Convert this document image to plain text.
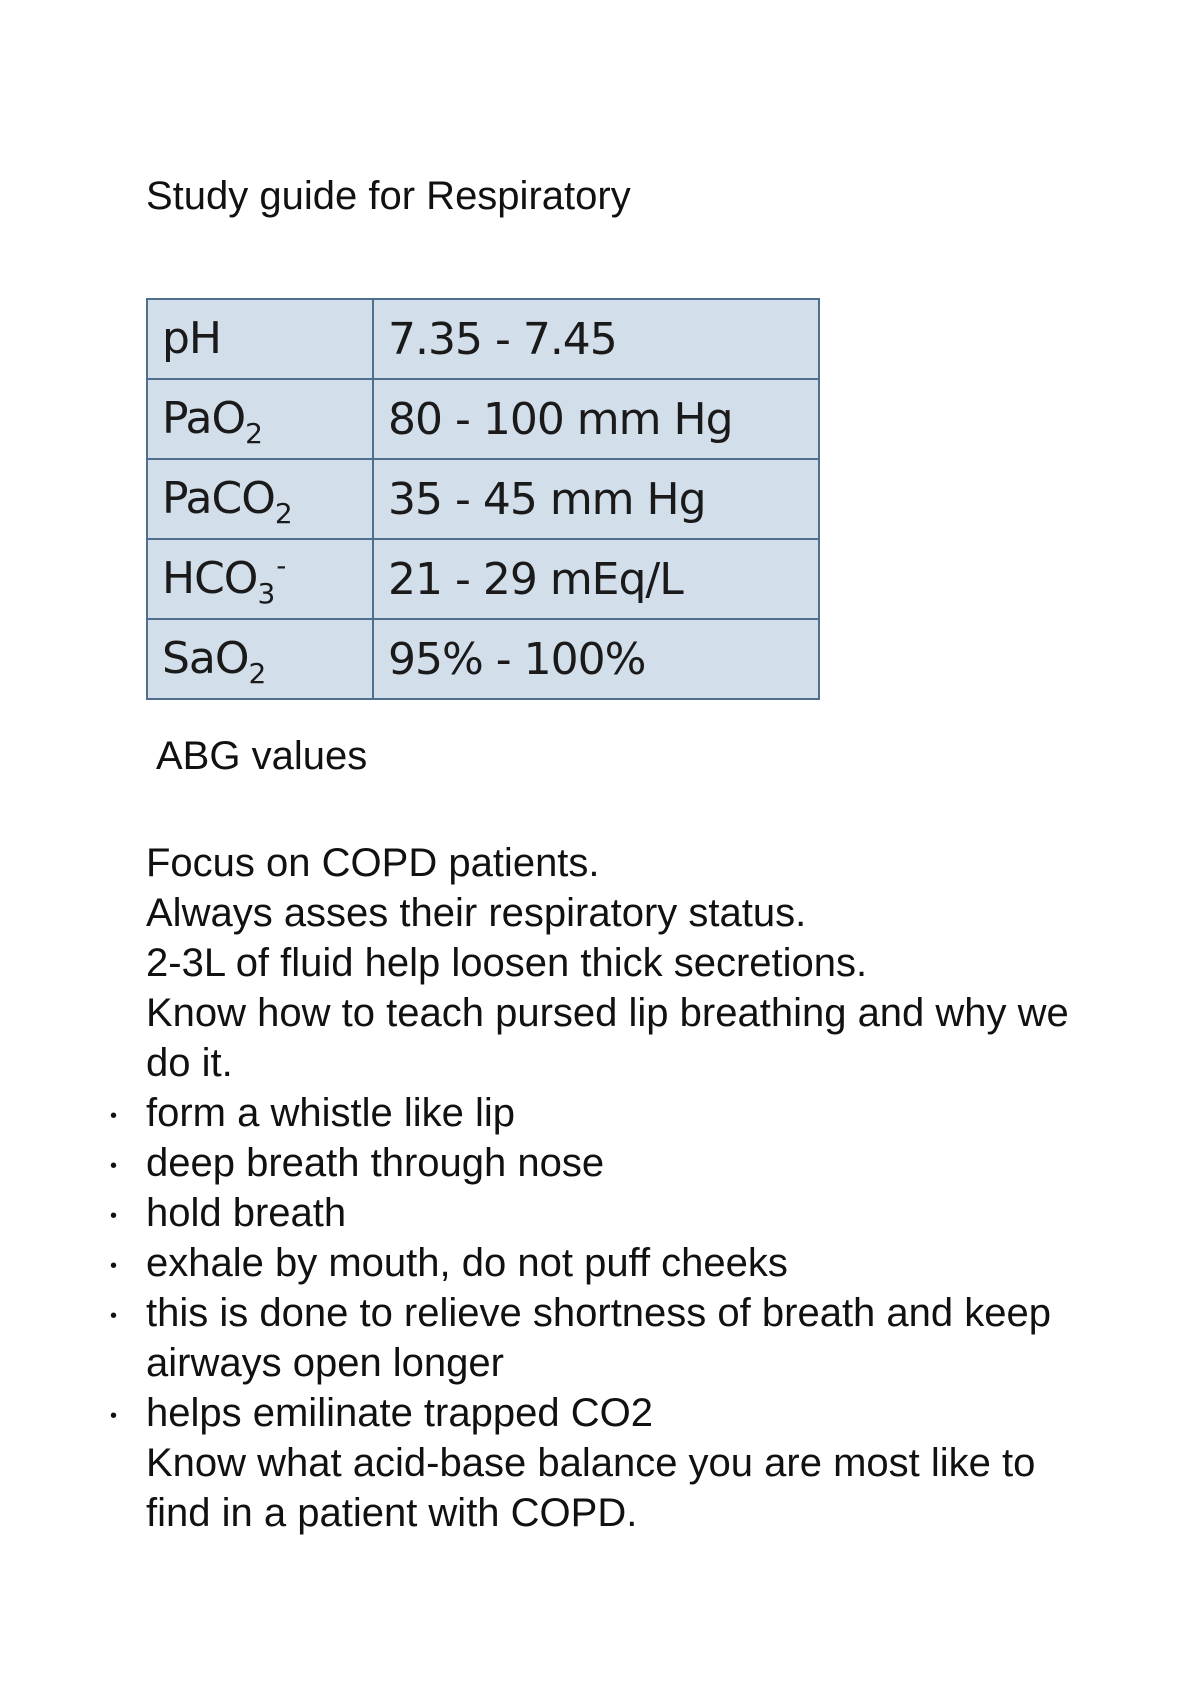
Study guide for Respiratory
pH	7.35 - 7.45
PaO$_2$	80 - 100 mm Hg
PaCO$_2$	35 - 45 mm Hg
$HCO_3^-$	21 - 29 mEq/L
SaO$_2$	95% - 100%

ABG values

Focus on COPD patients.

Always asses their respiratory status.

2-3L of fluid help loosen thick secretions.

Know how to teach pursed lip breathing and why we do it.

• form a whistle like lip
• deep breath through nose
• hold breath
• exhale by mouth, do not puff cheeks
• this is done to relieve shortness of breath and keep airways open longer
• helps emilinate trapped CO2

Know what acid-base balance you are most like to find in a patient with COPD.
